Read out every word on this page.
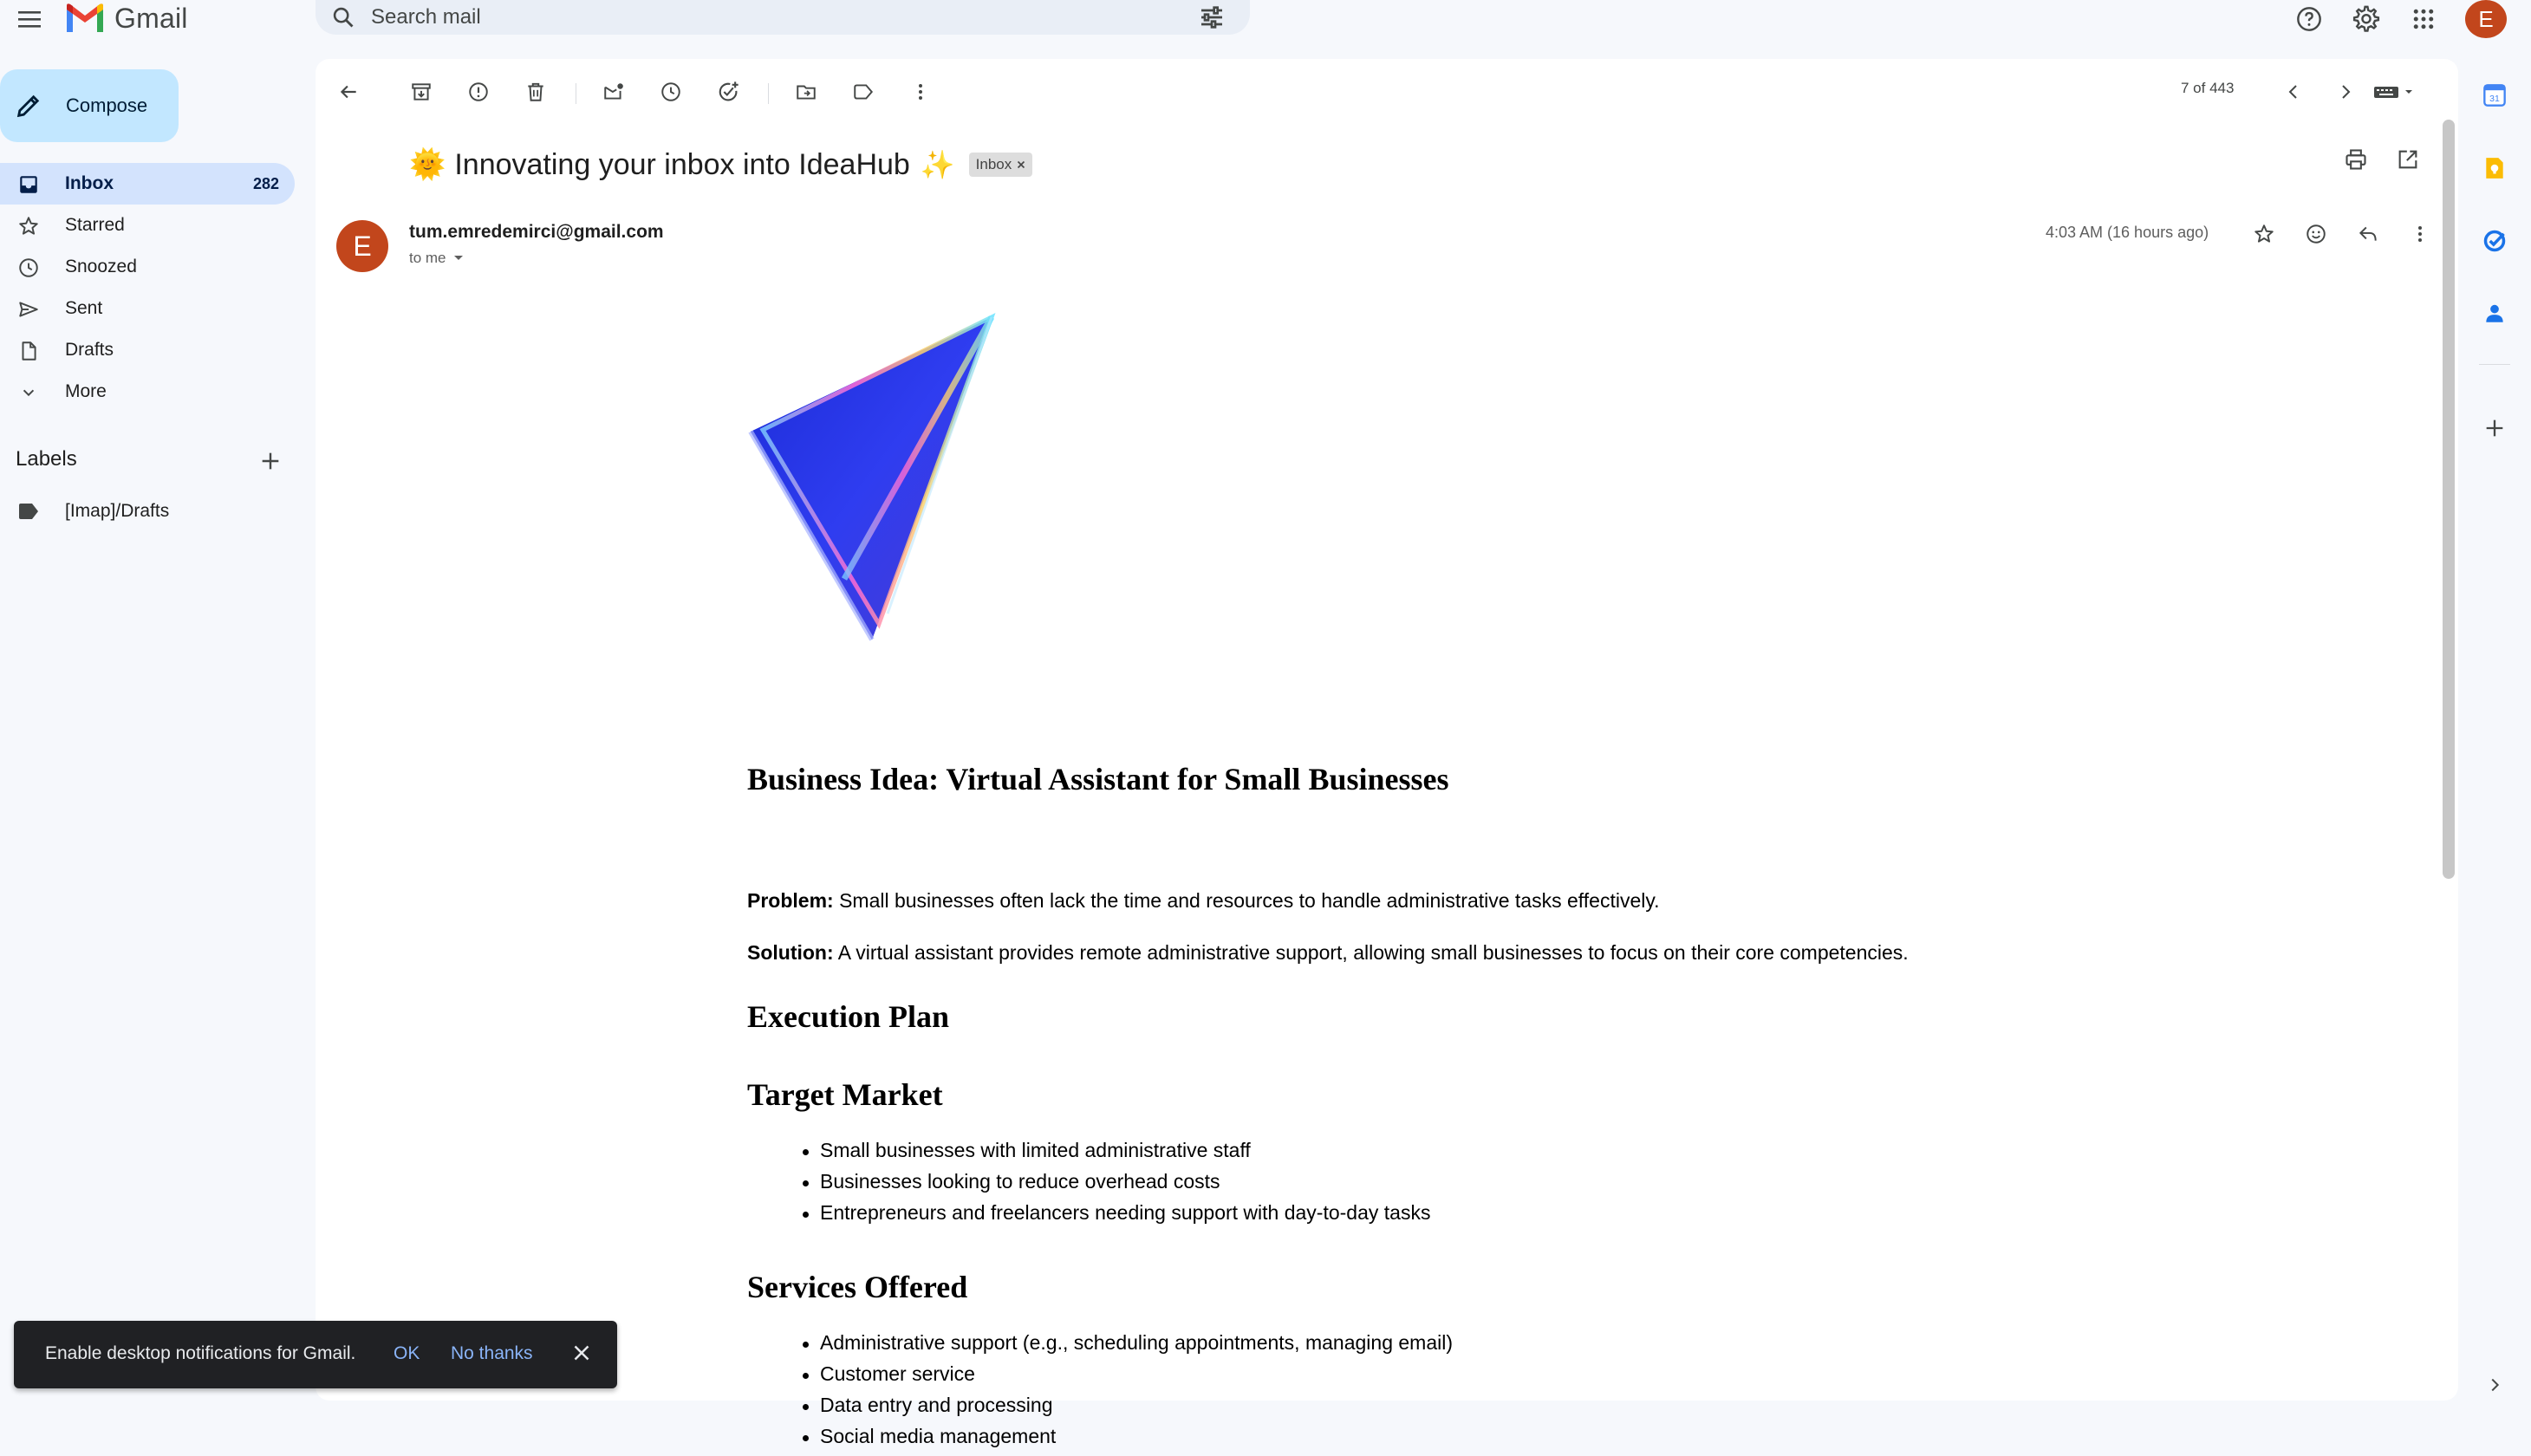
Gmail
Search mail	E
Compose
Inbox	282
Starred
Snoozed
Sent
Drafts
More
Labels
[Imap]/Drafts
7 of 443
🌞 Innovating your inbox into IdeaHub ✨ Inbox
E	tum.emredemirci@gmail.com
to me
4:03 AM (16 hours ago)
Business Idea: Virtual Assistant for Small Businesses
Problem: Small businesses often lack the time and resources to handle administrative tasks effectively.
Solution: A virtual assistant provides remote administrative support, allowing small businesses to focus on their core competencies.
Execution Plan
Target Market
Small businesses with limited administrative staff
Businesses looking to reduce overhead costs
Entrepreneurs and freelancers needing support with day-to-day tasks
Services Offered
Administrative support (e.g., scheduling appointments, managing email)
Customer service
Data entry and processing
Social media management
31
Enable desktop notifications for Gmail. OK No thanks
